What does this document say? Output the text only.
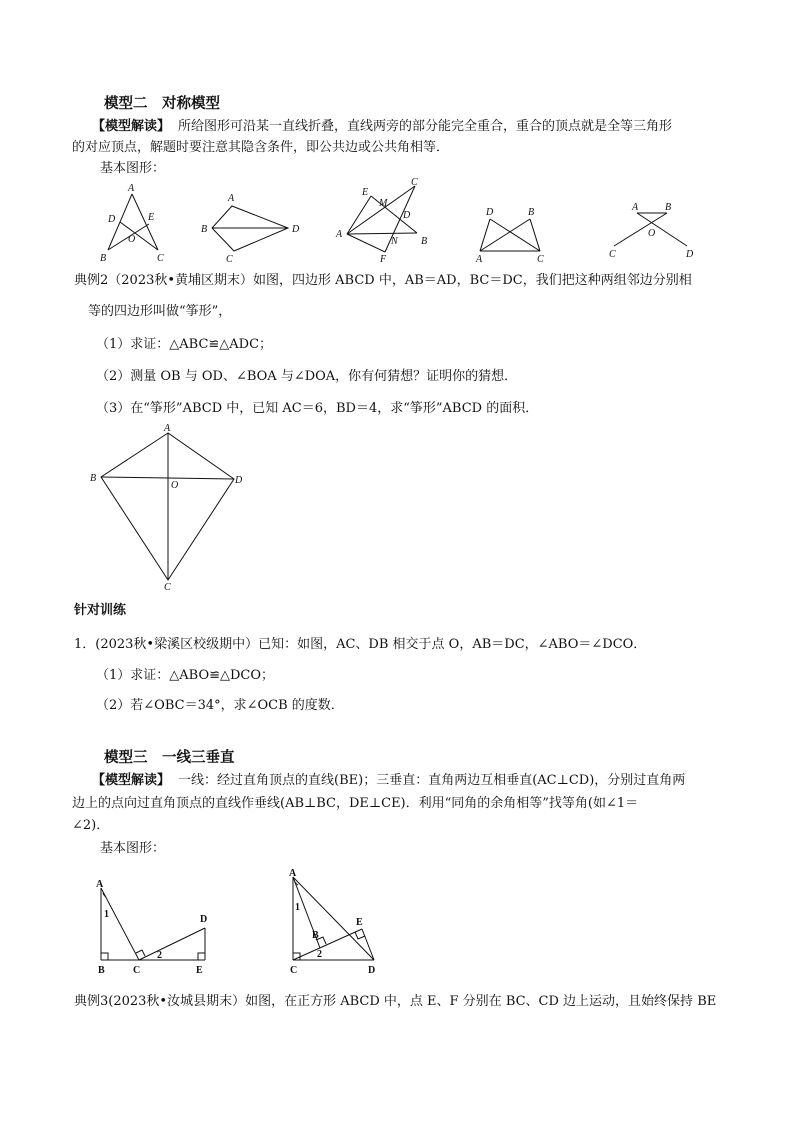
模型二　对称模型
【模型解读】 所给图形可沿某一直线折叠，直线两旁的部分能完全重合，重合的顶点就是全等三角形
的对应顶点，解题时要注意其隐含条件，即公共边或公共角相等．
基本图形：
A
D	E
O
B	C
A
B
C
D
E
C
M
D
A
N
F
B
D	B
A	C
A	B
O
C	D
典例2（2023秋•黄埔区期末）如图，四边形 ABCD 中，AB＝AD，BC＝DC，我们把这种两组邻边分别相
等的四边形叫做“筝形”，
（1）求证：△ABC≌△ADC；
（2）测量 OB 与 OD、∠BOA 与∠DOA，你有何猜想？证明你的猜想．
（3）在“筝形”ABCD 中，已知 AC＝6，BD＝4，求“筝形”ABCD 的面积．
A
B
O	D
C
针对训练
1．(2023秋•梁溪区校级期中）已知：如图，AC、DB 相交于点 O，AB＝DC，∠ABO＝∠DCO．
（1）求证：△ABO≌△DCO；
（2）若∠OBC＝34°，求∠OCB 的度数．
模型三　一线三垂直
【模型解读】 一线：经过直角顶点的直线(BE)；三垂直：直角两边互相垂直(AC⊥CD)，分别过直角两
边上的点向过直角顶点的直线作垂线(AB⊥BC，DE⊥CE)．利用“同角的余角相等”找等角(如∠1＝
∠2)．
基本图形：
A
1
B	C
2
D
E
A
1
B
2
E
C	D
典例3(2023秋•汝城县期末）如图，在正方形 ABCD 中，点 E、F 分别在 BC、CD 边上运动，且始终保持 BE
